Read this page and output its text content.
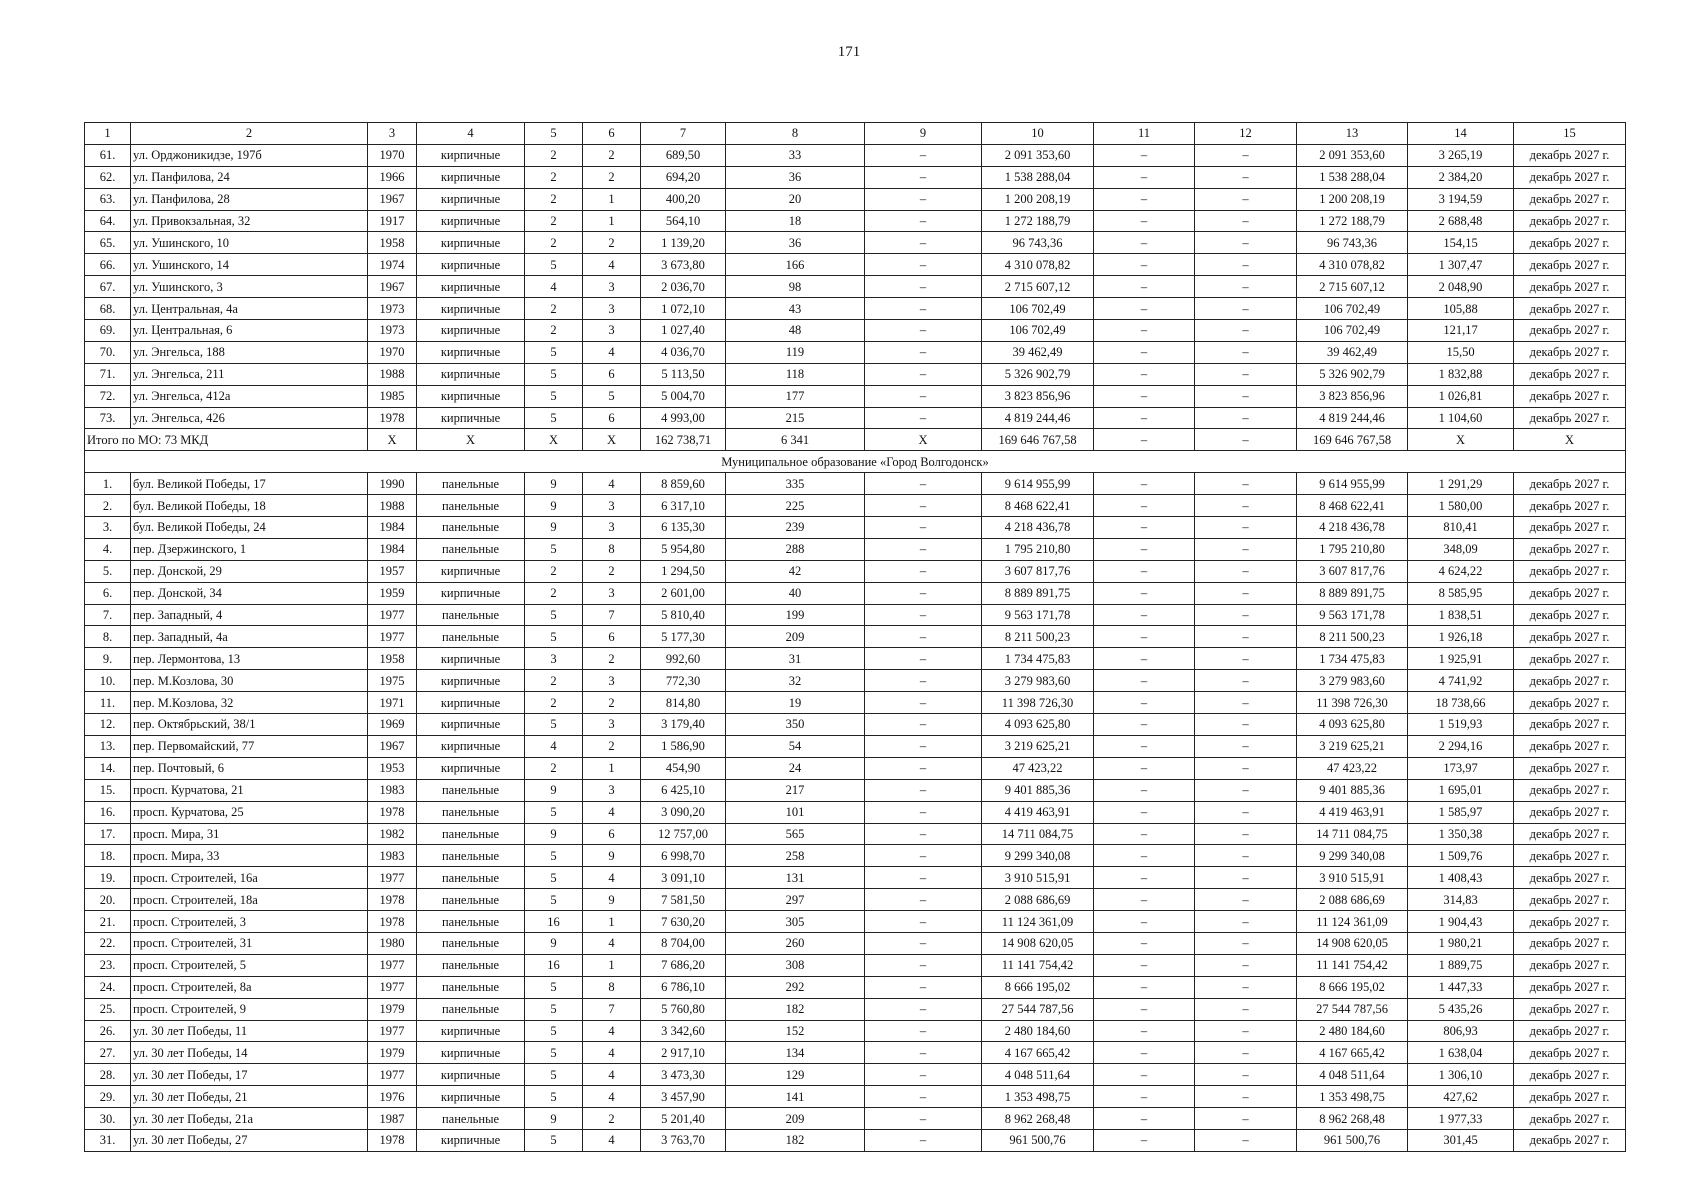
171
1	2	3	4	5	6	7	8	9	10	11	12	13	14	15
61.	ул. Орджоникидзе, 197б	1970	кирпичные	2	2	689,50	33	–	2 091 353,60	–	–	2 091 353,60	3 265,19	декабрь 2027 г.
62.	ул. Панфилова, 24	1966	кирпичные	2	2	694,20	36	–	1 538 288,04	–	–	1 538 288,04	2 384,20	декабрь 2027 г.
63.	ул. Панфилова, 28	1967	кирпичные	2	1	400,20	20	–	1 200 208,19	–	–	1 200 208,19	3 194,59	декабрь 2027 г.
64.	ул. Привокзальная, 32	1917	кирпичные	2	1	564,10	18	–	1 272 188,79	–	–	1 272 188,79	2 688,48	декабрь 2027 г.
65.	ул. Ушинского, 10	1958	кирпичные	2	2	1 139,20	36	–	96 743,36	–	–	96 743,36	154,15	декабрь 2027 г.
66.	ул. Ушинского, 14	1974	кирпичные	5	4	3 673,80	166	–	4 310 078,82	–	–	4 310 078,82	1 307,47	декабрь 2027 г.
67.	ул. Ушинского, 3	1967	кирпичные	4	3	2 036,70	98	–	2 715 607,12	–	–	2 715 607,12	2 048,90	декабрь 2027 г.
68.	ул. Центральная, 4а	1973	кирпичные	2	3	1 072,10	43	–	106 702,49	–	–	106 702,49	105,88	декабрь 2027 г.
69.	ул. Центральная, 6	1973	кирпичные	2	3	1 027,40	48	–	106 702,49	–	–	106 702,49	121,17	декабрь 2027 г.
70.	ул. Энгельса, 188	1970	кирпичные	5	4	4 036,70	119	–	39 462,49	–	–	39 462,49	15,50	декабрь 2027 г.
71.	ул. Энгельса, 211	1988	кирпичные	5	6	5 113,50	118	–	5 326 902,79	–	–	5 326 902,79	1 832,88	декабрь 2027 г.
72.	ул. Энгельса, 412а	1985	кирпичные	5	5	5 004,70	177	–	3 823 856,96	–	–	3 823 856,96	1 026,81	декабрь 2027 г.
73.	ул. Энгельса, 426	1978	кирпичные	5	6	4 993,00	215	–	4 819 244,46	–	–	4 819 244,46	1 104,60	декабрь 2027 г.
Итого по МО: 73 МКД		X	X	X	X	162 738,71	6 341	X	169 646 767,58	–	–	169 646 767,58	X	X
Муниципальное образование «Город Волгодонск»														
1.	бул. Великой Победы, 17	1990	панельные	9	4	8 859,60	335	–	9 614 955,99	–	–	9 614 955,99	1 291,29	декабрь 2027 г.
2.	бул. Великой Победы, 18	1988	панельные	9	3	6 317,10	225	–	8 468 622,41	–	–	8 468 622,41	1 580,00	декабрь 2027 г.
3.	бул. Великой Победы, 24	1984	панельные	9	3	6 135,30	239	–	4 218 436,78	–	–	4 218 436,78	810,41	декабрь 2027 г.
4.	пер. Дзержинского, 1	1984	панельные	5	8	5 954,80	288	–	1 795 210,80	–	–	1 795 210,80	348,09	декабрь 2027 г.
5.	пер. Донской, 29	1957	кирпичные	2	2	1 294,50	42	–	3 607 817,76	–	–	3 607 817,76	4 624,22	декабрь 2027 г.
6.	пер. Донской, 34	1959	кирпичные	2	3	2 601,00	40	–	8 889 891,75	–	–	8 889 891,75	8 585,95	декабрь 2027 г.
7.	пер. Западный, 4	1977	панельные	5	7	5 810,40	199	–	9 563 171,78	–	–	9 563 171,78	1 838,51	декабрь 2027 г.
8.	пер. Западный, 4а	1977	панельные	5	6	5 177,30	209	–	8 211 500,23	–	–	8 211 500,23	1 926,18	декабрь 2027 г.
9.	пер. Лермонтова, 13	1958	кирпичные	3	2	992,60	31	–	1 734 475,83	–	–	1 734 475,83	1 925,91	декабрь 2027 г.
10.	пер. М.Козлова, 30	1975	кирпичные	2	3	772,30	32	–	3 279 983,60	–	–	3 279 983,60	4 741,92	декабрь 2027 г.
11.	пер. М.Козлова, 32	1971	кирпичные	2	2	814,80	19	–	11 398 726,30	–	–	11 398 726,30	18 738,66	декабрь 2027 г.
12.	пер. Октябрьский, 38/1	1969	кирпичные	5	3	3 179,40	350	–	4 093 625,80	–	–	4 093 625,80	1 519,93	декабрь 2027 г.
13.	пер. Первомайский, 77	1967	кирпичные	4	2	1 586,90	54	–	3 219 625,21	–	–	3 219 625,21	2 294,16	декабрь 2027 г.
14.	пер. Почтовый, 6	1953	кирпичные	2	1	454,90	24	–	47 423,22	–	–	47 423,22	173,97	декабрь 2027 г.
15.	просп. Курчатова, 21	1983	панельные	9	3	6 425,10	217	–	9 401 885,36	–	–	9 401 885,36	1 695,01	декабрь 2027 г.
16.	просп. Курчатова, 25	1978	панельные	5	4	3 090,20	101	–	4 419 463,91	–	–	4 419 463,91	1 585,97	декабрь 2027 г.
17.	просп. Мира, 31	1982	панельные	9	6	12 757,00	565	–	14 711 084,75	–	–	14 711 084,75	1 350,38	декабрь 2027 г.
18.	просп. Мира, 33	1983	панельные	5	9	6 998,70	258	–	9 299 340,08	–	–	9 299 340,08	1 509,76	декабрь 2027 г.
19.	просп. Строителей, 16а	1977	панельные	5	4	3 091,10	131	–	3 910 515,91	–	–	3 910 515,91	1 408,43	декабрь 2027 г.
20.	просп. Строителей, 18а	1978	панельные	5	9	7 581,50	297	–	2 088 686,69	–	–	2 088 686,69	314,83	декабрь 2027 г.
21.	просп. Строителей, 3	1978	панельные	16	1	7 630,20	305	–	11 124 361,09	–	–	11 124 361,09	1 904,43	декабрь 2027 г.
22.	просп. Строителей, 31	1980	панельные	9	4	8 704,00	260	–	14 908 620,05	–	–	14 908 620,05	1 980,21	декабрь 2027 г.
23.	просп. Строителей, 5	1977	панельные	16	1	7 686,20	308	–	11 141 754,42	–	–	11 141 754,42	1 889,75	декабрь 2027 г.
24.	просп. Строителей, 8а	1977	панельные	5	8	6 786,10	292	–	8 666 195,02	–	–	8 666 195,02	1 447,33	декабрь 2027 г.
25.	просп. Строителей, 9	1979	панельные	5	7	5 760,80	182	–	27 544 787,56	–	–	27 544 787,56	5 435,26	декабрь 2027 г.
26.	ул. 30 лет Победы, 11	1977	кирпичные	5	4	3 342,60	152	–	2 480 184,60	–	–	2 480 184,60	806,93	декабрь 2027 г.
27.	ул. 30 лет Победы, 14	1979	кирпичные	5	4	2 917,10	134	–	4 167 665,42	–	–	4 167 665,42	1 638,04	декабрь 2027 г.
28.	ул. 30 лет Победы, 17	1977	кирпичные	5	4	3 473,30	129	–	4 048 511,64	–	–	4 048 511,64	1 306,10	декабрь 2027 г.
29.	ул. 30 лет Победы, 21	1976	кирпичные	5	4	3 457,90	141	–	1 353 498,75	–	–	1 353 498,75	427,62	декабрь 2027 г.
30.	ул. 30 лет Победы, 21а	1987	панельные	9	2	5 201,40	209	–	8 962 268,48	–	–	8 962 268,48	1 977,33	декабрь 2027 г.
31.	ул. 30 лет Победы, 27	1978	кирпичные	5	4	3 763,70	182	–	961 500,76	–	–	961 500,76	301,45	декабрь 2027 г.
